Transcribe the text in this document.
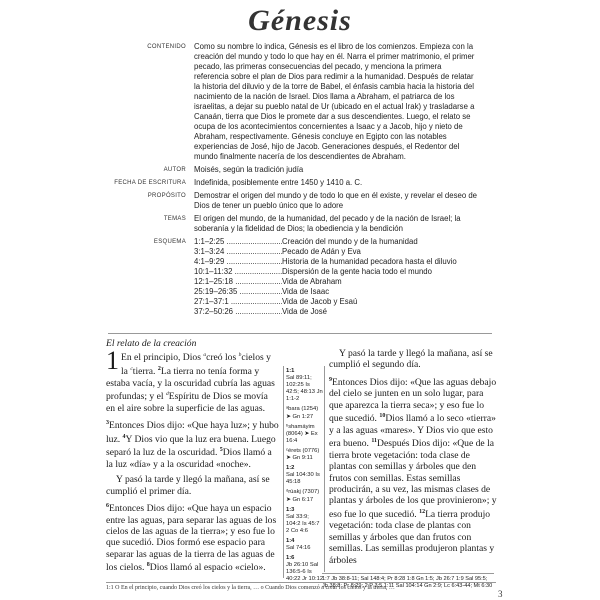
Génesis
CONTENIDO	Como su nombre lo indica, Génesis es el libro de los comienzos. Empieza con la creación del mundo y todo lo que hay en él. Narra el primer matrimonio, el primer pecado, las primeras consecuencias del pecado, y menciona la primera referencia sobre el plan de Dios para redimir a la humanidad. Después de relatar la historia del diluvio y de la torre de Babel, el énfasis cambia hacia la historia del nacimiento de la nación de Israel. Dios llama a Abraham, el patriarca de los israelitas, a dejar su pueblo natal de Ur (ubicado en el actual Irak) y trasladarse a Canaán, tierra que Dios le promete dar a sus descendientes. Luego, el relato se ocupa de los acontecimientos concernientes a Isaac y a Jacob, hijo y nieto de Abraham, respectivamente. Génesis concluye en Egipto con las notables experiencias de José, hijo de Jacob. Generaciones después, el Redentor del mundo finalmente nacería de los descendientes de Abraham.
AUTOR	Moisés, según la tradición judía
FECHA DE ESCRITURA	Indefinida, posiblemente entre 1450 y 1410 a. C.
PROPÓSITO	Demostrar el origen del mundo y de todo lo que en él existe, y revelar el deseo de Dios de tener un pueblo único que lo adore
TEMAS	El origen del mundo, de la humanidad, del pecado y de la nación de Israel; la soberanía y la fidelidad de Dios; la obediencia y la bendición
ESQUEMA	1:1–2:25 .....	Creación del mundo y de la humanidad
3:1–3:24 .....	Pecado de Adán y Eva
4:1–9:29 .....	Historia de la humanidad pecadora hasta el diluvio
10:1–11:32 .....	Dispersión de la gente hacia todo el mundo
12:1–25:18 .....	Vida de Abraham
25:19–26:35 .....	Vida de Isaac
27:1–37:1 .....	Vida de Jacob y Esaú
37:2–50:26 .....	Vida de José
El relato de la creación

1 En el principio, Dios $^a$creó los $^b$cielos y la $^c$tierra. $^2$La tierra no tenía forma y estaba vacía, y la oscuridad cubría las aguas profundas; y el $^d$Espíritu de Dios se movía en el aire sobre la superficie de las aguas.

$^3$Entonces Dios dijo: «Que haya luz»; y hubo luz. $^4$Y Dios vio que la luz era buena. Luego separó la luz de la oscuridad. $^5$Dios llamó a la luz «día» y a la oscuridad «noche».

Y pasó la tarde y llegó la mañana, así se cumplió el primer día.

$^6$Entonces Dios dijo: «Que haya un espacio entre las aguas, para separar las aguas de los cielos de las aguas de la tierra»; y eso fue lo que sucedió. Dios formó ese espacio para separar las aguas de la tierra de las aguas de los cielos. $^8$Dios llamó al espacio «cielo».

1:1
Sal 89:11; 102:25 Is 42:5; 48:13 Jn 1:1-2
ᵃbara (1254) ➤ Gn 1:27
ᵇshamáyim (8064) ➤ Ex 16:4
ᶜérets (0776) ➤ Gn 9:11
1:2
Sal 104:30 Is 45:18
ᵈrúakj (7307) ➤ Gn 6:17
1:3
Sal 33:9; 104:2 Is 45:7 2 Co 4:6
1:4
Sal 74:16
1:6
Jb 26:10 Sal 136:5-6 Is 40:22 Jr 10:12

Y pasó la tarde y llegó la mañana, así se cumplió el segundo día.

$^9$Entonces Dios dijo: «Que las aguas debajo del cielo se junten en un solo lugar, para que aparezca la tierra seca»; y eso fue lo que sucedió. $^{10}$Dios llamó a lo seco «tierra» y a las aguas «mares». Y Dios vio que esto era bueno. $^{11}$Después Dios dijo: «Que de la tierra brote vegetación: toda clase de plantas con semillas y árboles que den frutos con semillas. Estas semillas producirán, a su vez, las mismas clases de plantas y árboles de los que provinieron»; y eso fue lo que sucedió. $^{12}$La tierra produjo vegetación: toda clase de plantas con semillas y árboles que dan frutos con semillas. Las semillas produjeron plantas y árboles

1:7 Jb 38:8-11; Sal 148:4; Pr 8:28 1:8 Gn 1:5; Jb 26:7 1:9 Sal 95:5; Jb 38:8; Pr 8:29; 2 P 3:5 1:11 Sal 104:14 Gn 2:9; Lc 6:43-44; Mt 6:30
1:1 O En el principio, cuando Dios creó los cielos y la tierra, … o Cuando Dios comenzó a crear los cielos y la tierra, …
3
